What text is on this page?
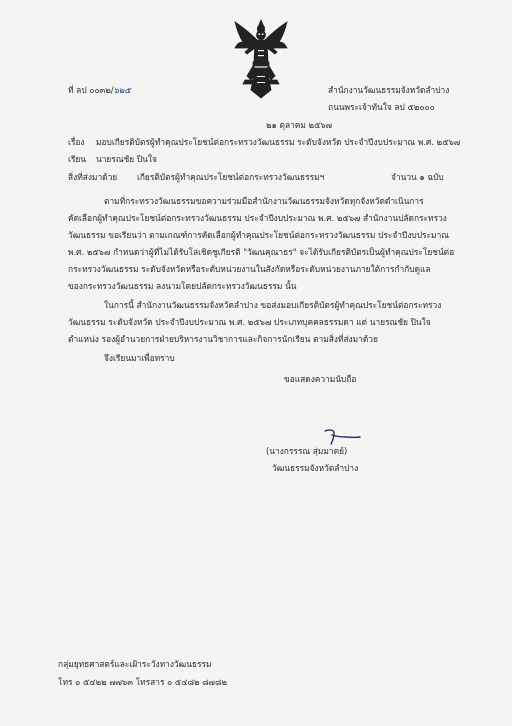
ที่ ลป ๐๐๓๒/๖๒๕	สำนักงานวัฒนธรรมจังหวัดลำปาง
ถนนพระเจ้าทันใจ ลป ๕๒๐๐๐
๒๑ ตุลาคม ๒๕๖๗
เรื่อง มอบเกียรติบัตรผู้ทำคุณประโยชน์ต่อกระทรวงวัฒนธรรม ระดับจังหวัด ประจำปีงบประมาณ พ.ศ. ๒๕๖๗
เรียน นายรณชัย ปินใจ
สิ่งที่ส่งมาด้วย เกียรติบัตรผู้ทำคุณประโยชน์ต่อกระทรวงวัฒนธรรมฯ	จำนวน ๑ ฉบับ
ตามที่กระทรวงวัฒนธรรมขอความร่วมมือสำนักงานวัฒนธรรมจังหวัดทุกจังหวัดดำเนินการ
คัดเลือกผู้ทำคุณประโยชน์ต่อกระทรวงวัฒนธรรม ประจำปีงบประมาณ พ.ศ. ๒๕๖๗ สำนักงานปลัดกระทรวง
วัฒนธรรม ขอเรียนว่า ตามเกณฑ์การคัดเลือกผู้ทำคุณประโยชน์ต่อกระทรวงวัฒนธรรม ประจำปีงบประมาณ
พ.ศ. ๒๕๖๗ กำหนดว่าผู้ที่ไม่ได้รับโล่เชิดชูเกียรติ "วัฒนคุณาธร" จะได้รับเกียรติบัตรเป็นผู้ทำคุณประโยชน์ต่อ
กระทรวงวัฒนธรรม ระดับจังหวัดหรือระดับหน่วยงานในสังกัดหรือระดับหน่วยงานภายใต้การกำกับดูแล
ของกระทรวงวัฒนธรรม ลงนามโดยปลัดกระทรวงวัฒนธรรม นั้น
ในการนี้ สำนักงานวัฒนธรรมจังหวัดลำปาง ขอส่งมอบเกียรติบัตรผู้ทำคุณประโยชน์ต่อกระทรวง
วัฒนธรรม ระดับจังหวัด ประจำปีงบประมาณ พ.ศ. ๒๕๖๗ ประเภทบุคคลธรรมดา แด่ นายรณชัย ปินใจ
ตำแหน่ง รองผู้อำนวยการฝ่ายบริหารงานวิชาการและกิจการนักเรียน ตามสิ่งที่ส่งมาด้วย
จึงเรียนมาเพื่อทราบ
ขอแสดงความนับถือ
(นางกรรรณ สุ่มมาตย์)
วัฒนธรรมจังหวัดลำปาง
กลุ่มยุทธศาสตร์และเฝ้าระวังทางวัฒนธรรม
โทร ๐ ๕๔๒๒ ๗๗๖๓ โทรสาร ๐ ๕๔๘๒ ๘๗๘๒
